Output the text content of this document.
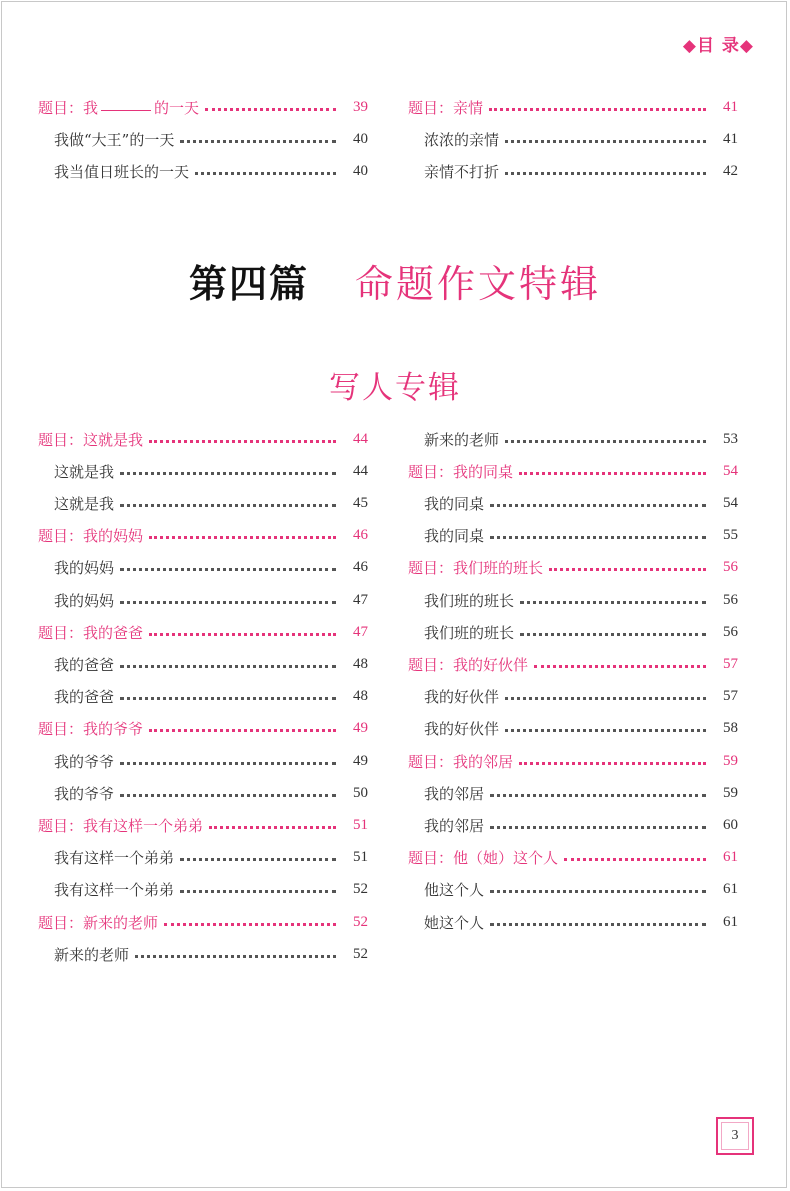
◆目 录◆
题目：我	的一天	39
我做“大王”的一天	40
我当值日班长的一天	40
题目：亲情	41
浓浓的亲情	41
亲情不打折	42
第四篇 命题作文特辑
写人专辑
题目：这就是我	44
这就是我	44
这就是我	45
题目：我的妈妈	46
我的妈妈	46
我的妈妈	47
题目：我的爸爸	47
我的爸爸	48
我的爸爸	48
题目：我的爷爷	49
我的爷爷	49
我的爷爷	50
题目：我有这样一个弟弟	51
我有这样一个弟弟	51
我有这样一个弟弟	52
题目：新来的老师	52
新来的老师	52
新来的老师	53
题目：我的同桌	54
我的同桌	54
我的同桌	55
题目：我们班的班长	56
我们班的班长	56
我们班的班长	56
题目：我的好伙伴	57
我的好伙伴	57
我的好伙伴	58
题目：我的邻居	59
我的邻居	59
我的邻居	60
题目：他（她）这个人	61
他这个人	61
她这个人	61
3
